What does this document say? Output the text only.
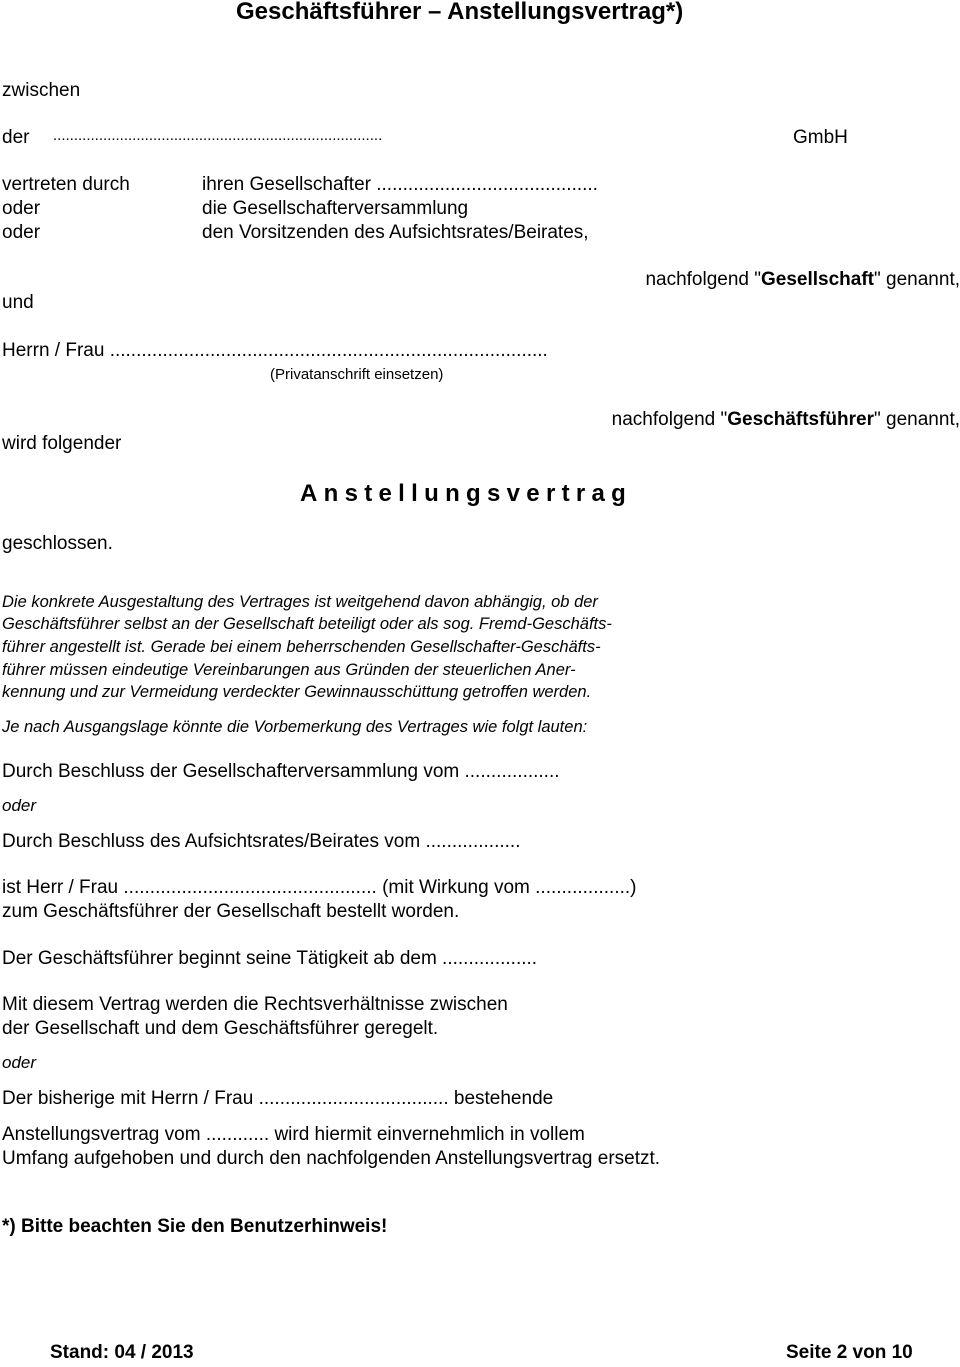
Geschäftsführer – Anstellungsvertrag*)
zwischen
der ...............................................................................	GmbH
vertreten durch	ihren Gesellschafter ..........................................
oder	die Gesellschafterversammlung
oder	den Vorsitzenden des Aufsichtsrates/Beirates,
nachfolgend "Gesellschaft" genannt,
und
Herrn / Frau ...................................................................................
(Privatanschrift einsetzen)
nachfolgend "Geschäftsführer" genannt,
wird folgender
Anstellungsvertrag
geschlossen.
Die konkrete Ausgestaltung des Vertrages ist weitgehend davon abhängig, ob der
Geschäftsführer selbst an der Gesellschaft beteiligt oder als sog. Fremd-Geschäfts-
führer angestellt ist. Gerade bei einem beherrschenden Gesellschafter-Geschäfts-
führer müssen eindeutige Vereinbarungen aus Gründen der steuerlichen Aner-
kennung und zur Vermeidung verdeckter Gewinnausschüttung getroffen werden.
Je nach Ausgangslage könnte die Vorbemerkung des Vertrages wie folgt lauten:
Durch Beschluss der Gesellschafterversammlung vom ..................
oder
Durch Beschluss des Aufsichtsrates/Beirates vom ..................
ist Herr / Frau ................................................ (mit Wirkung vom ..................)
zum Geschäftsführer der Gesellschaft bestellt worden.
Der Geschäftsführer beginnt seine Tätigkeit ab dem ..................
Mit diesem Vertrag werden die Rechtsverhältnisse zwischen
der Gesellschaft und dem Geschäftsführer geregelt.
oder
Der bisherige mit Herrn / Frau .................................... bestehende
Anstellungsvertrag vom ............ wird hiermit einvernehmlich in vollem
Umfang aufgehoben und durch den nachfolgenden Anstellungsvertrag ersetzt.
*) Bitte beachten Sie den Benutzerhinweis!
Stand: 04 / 2013	Seite 2 von 10
